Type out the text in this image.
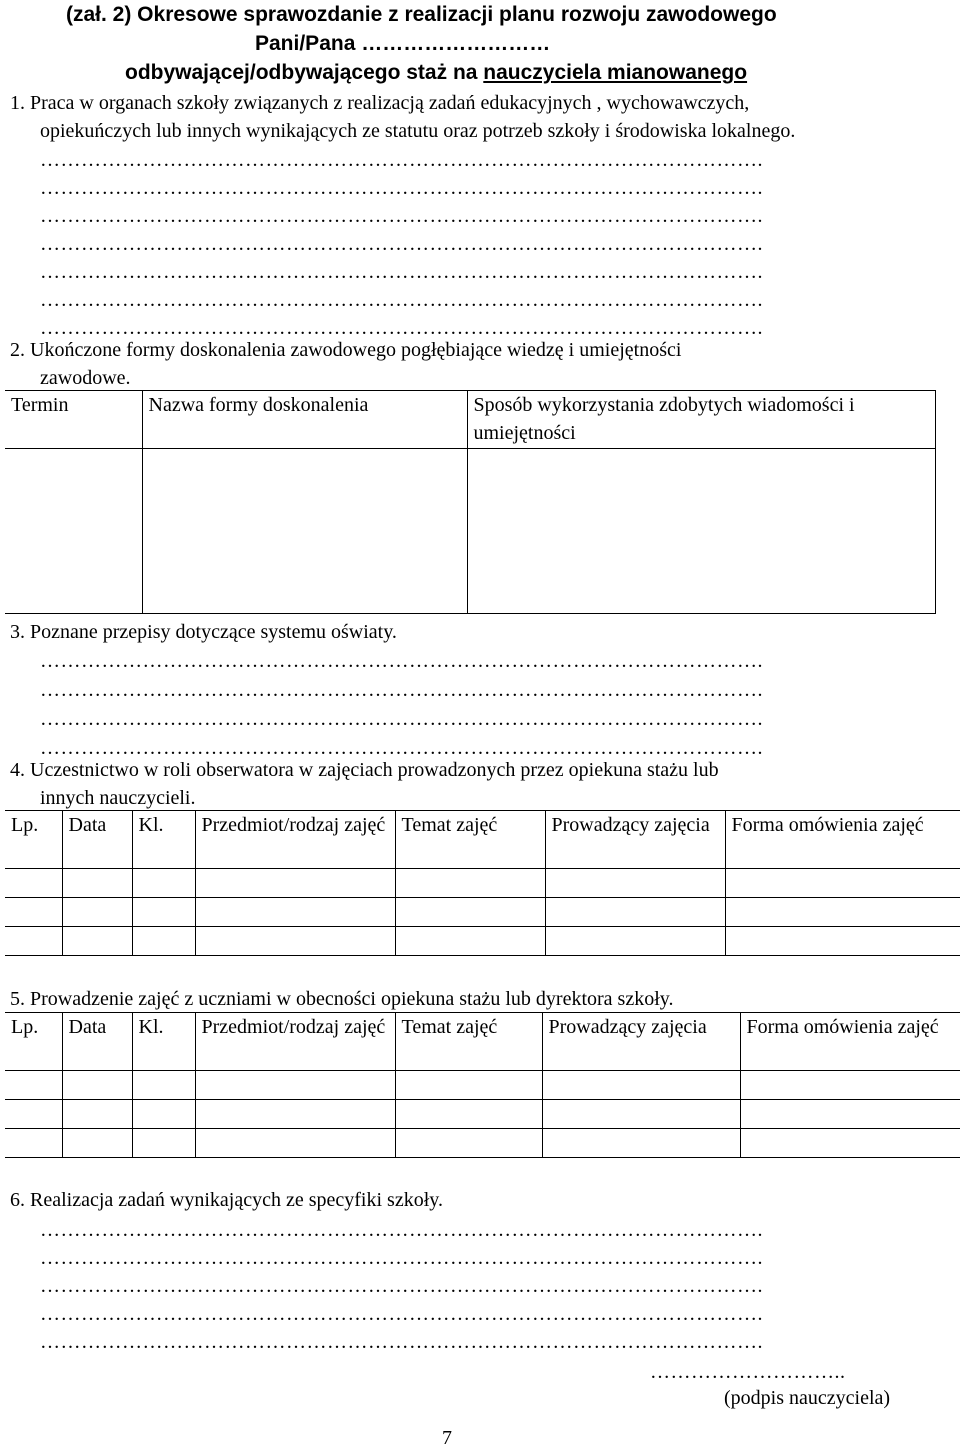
(zał. 2) Okresowe sprawozdanie z realizacji planu rozwoju zawodowego
Pani/Pana ………………………
odbywającej/odbywającego staż na nauczyciela mianowanego
1. Praca w organach szkoły związanych z realizacją zadań edukacyjnych , wychowawczych,
opiekuńczych lub innych wynikających ze statutu oraz potrzeb szkoły i środowiska lokalnego.
…………………………………………………………………………………………….
…………………………………………………………………………………………….
…………………………………………………………………………………………….
…………………………………………………………………………………………….
…………………………………………………………………………………………….
…………………………………………………………………………………………….
…………………………………………………………………………………………….
2. Ukończone formy doskonalenia zawodowego pogłębiające wiedzę i umiejętności
zawodowe.
Termin	Nazwa formy doskonalenia	Sposób wykorzystania zdobytych wiadomości i umiejętności

3. Poznane przepisy dotyczące systemu oświaty.
…………………………………………………………………………………………….
…………………………………………………………………………………………….
…………………………………………………………………………………………….
…………………………………………………………………………………………….
4. Uczestnictwo w roli obserwatora w zajęciach prowadzonych przez opiekuna stażu lub
innych nauczycieli.
Lp.	Data	Kl.	Przedmiot/rodzaj zajęć	Temat zajęć	Prowadzący zajęcia	Forma omówienia zajęć

5. Prowadzenie zajęć z uczniami w obecności opiekuna stażu lub dyrektora szkoły.
Lp.	Data	Kl.	Przedmiot/rodzaj zajęć	Temat zajęć	Prowadzący zajęcia	Forma omówienia zajęć

6. Realizacja zadań wynikających ze specyfiki szkoły.
…………………………………………………………………………………………….
…………………………………………………………………………………………….
…………………………………………………………………………………………….
…………………………………………………………………………………………….
…………………………………………………………………………………………….
………………………..
(podpis nauczyciela)
7
